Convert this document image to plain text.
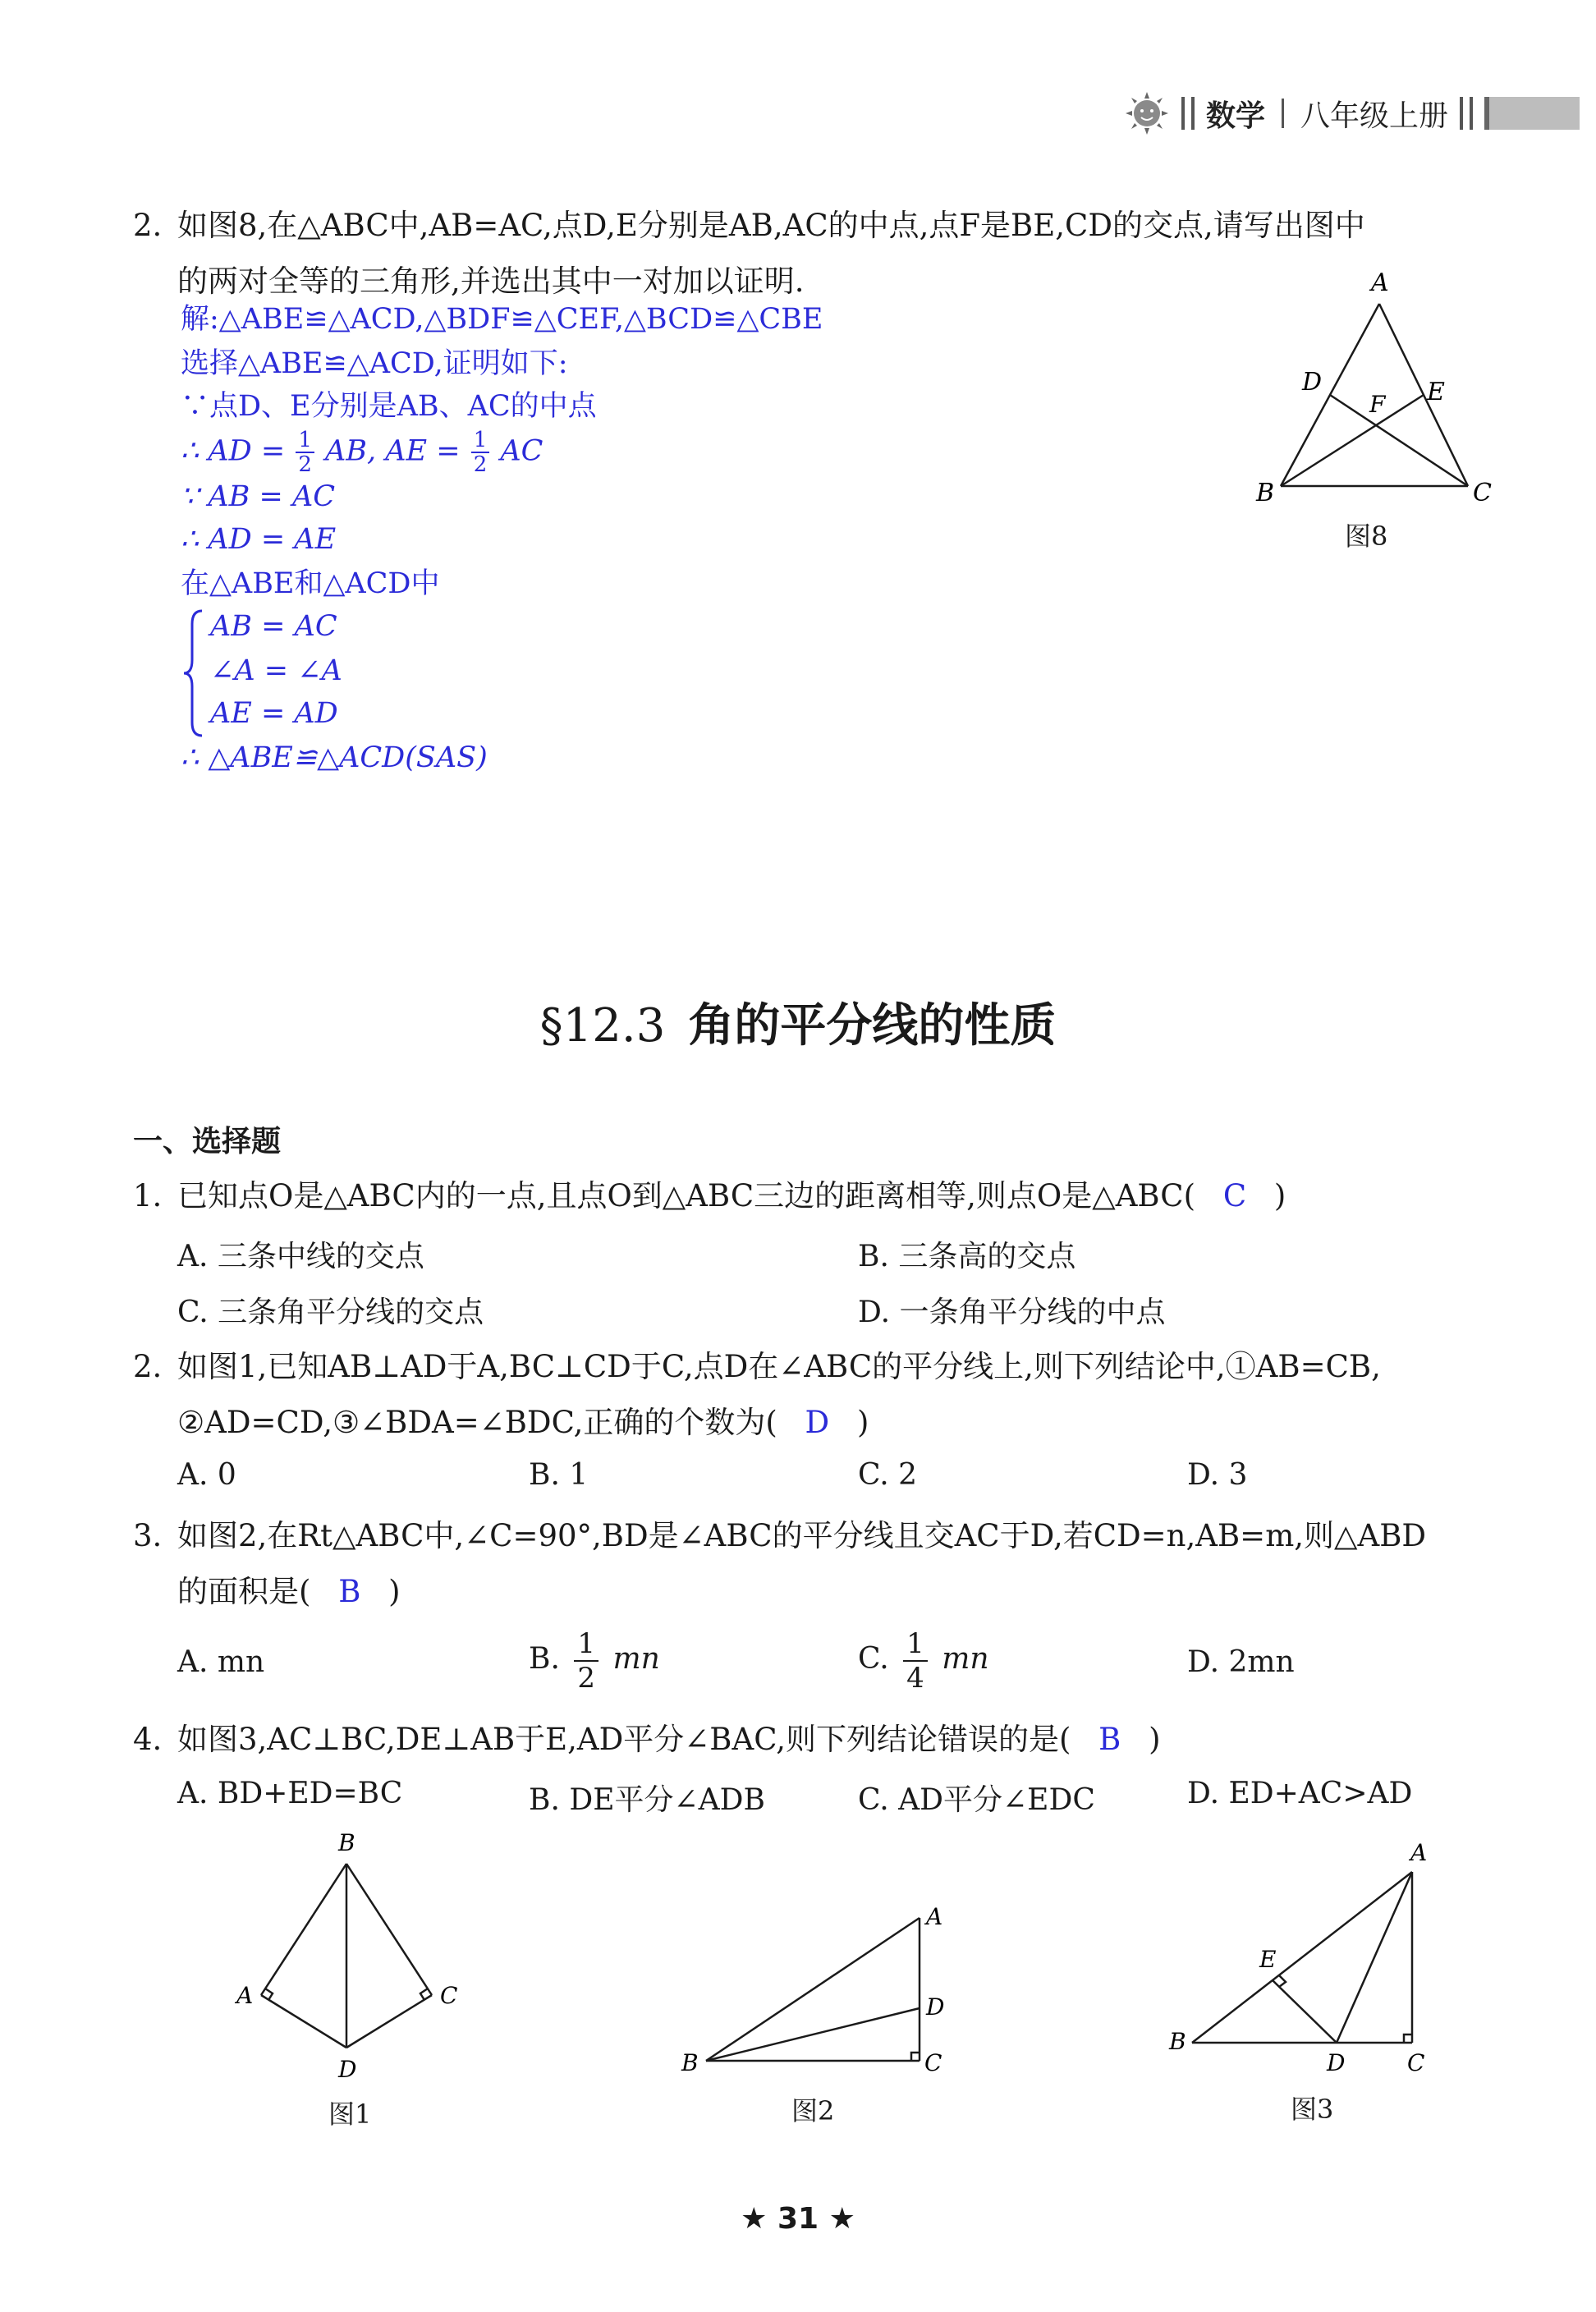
数学 八年级上册
2. 如图8,在△ABC中,AB=AC,点D,E分别是AB,AC的中点,点F是BE,CD的交点,请写出图中
的两对全等的三角形,并选出其中一对加以证明.
解:△ABE≌△ACD,△BDF≌△CEF,△BCD≌△CBE
选择△ABE≌△ACD,证明如下:
∵点D、E分别是AB、AC的中点
∴ AD = $\frac{1}{2}$ AB, AE = $\frac{1}{2}$ AC
∵ AB = AC
∴ AD = AE
在△ABE和△ACD中
AB = AC
∠A = ∠A
AE = AD
∴ △ABE≌△ACD(SAS)
A
B	C
D	E
F
图8
§12.3 角的平分线的性质
一、选择题
1. 已知点O是△ABC内的一点,且点O到△ABC三边的距离相等,则点O是△ABC( C )
A. 三条中线的交点	B. 三条高的交点
C. 三条角平分线的交点	D. 一条角平分线的中点
2. 如图1,已知AB⊥AD于A,BC⊥CD于C,点D在∠ABC的平分线上,则下列结论中,①AB=CB,
②AD=CD,③∠BDA=∠BDC,正确的个数为( D )
A. 0	B. 1	C. 2	D. 3
3. 如图2,在Rt△ABC中,∠C=90°,BD是∠ABC的平分线且交AC于D,若CD=n,AB=m,则△ABD
的面积是( B )
A. mn	B. $\frac{1}{2}$ mn	C. $\frac{1}{4}$ mn	D. 2mn
4. 如图3,AC⊥BC,DE⊥AB于E,AD平分∠BAC,则下列结论错误的是( B )
A. BD+ED=BC	B. DE平分∠ADB	C. AD平分∠EDC	D. ED+AC>AD
B
A	C
D
图1
A
B	C
D
图2
A
B
C
D
E
图3
★ 31 ★
